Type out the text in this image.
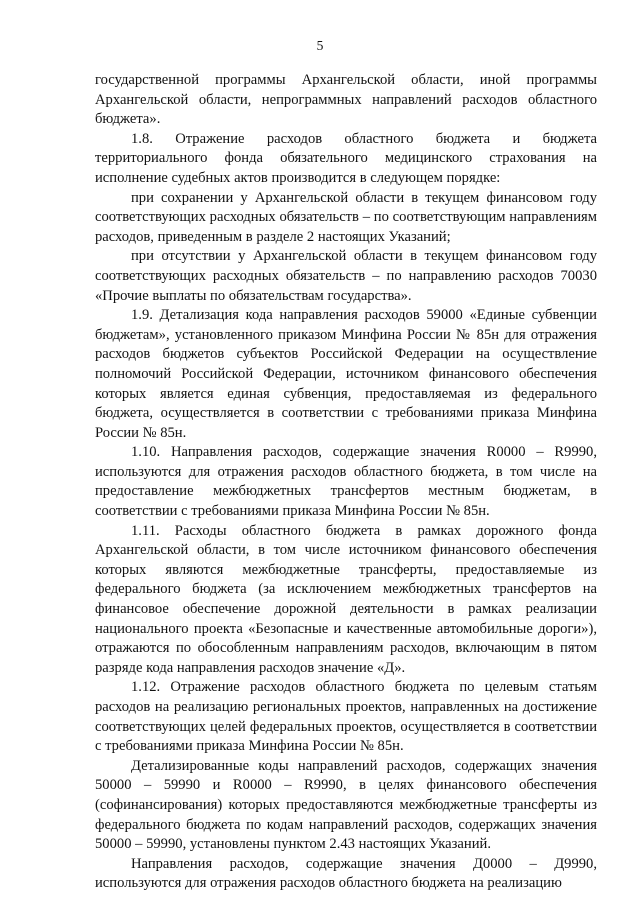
5

государственной программы Архангельской области, иной программы Архангельской области, непрограммных направлений расходов областного бюджета».

1.8. Отражение расходов областного бюджета и бюджета территориального фонда обязательного медицинского страхования на исполнение судебных актов производится в следующем порядке:

при сохранении у Архангельской области в текущем финансовом году соответствующих расходных обязательств – по соответствующим направлениям расходов, приведенным в разделе 2 настоящих Указаний;

при отсутствии у Архангельской области в текущем финансовом году соответствующих расходных обязательств – по направлению расходов 70030 «Прочие выплаты по обязательствам государства».

1.9. Детализация кода направления расходов 59000 «Единые субвенции бюджетам», установленного приказом Минфина России № 85н для отражения расходов бюджетов субъектов Российской Федерации на осуществление полномочий Российской Федерации, источником финансового обеспечения которых является единая субвенция, предоставляемая из федерального бюджета, осуществляется в соответствии с требованиями приказа Минфина России № 85н.

1.10. Направления расходов, содержащие значения R0000 – R9990, используются для отражения расходов областного бюджета, в том числе на предоставление межбюджетных трансфертов местным бюджетам, в соответствии с требованиями приказа Минфина России № 85н.

1.11. Расходы областного бюджета в рамках дорожного фонда Архангельской области, в том числе источником финансового обеспечения которых являются межбюджетные трансферты, предоставляемые из федерального бюджета (за исключением межбюджетных трансфертов на финансовое обеспечение дорожной деятельности в рамках реализации национального проекта «Безопасные и качественные автомобильные дороги»), отражаются по обособленным направлениям расходов, включающим в пятом разряде кода направления расходов значение «Д».

1.12. Отражение расходов областного бюджета по целевым статьям расходов на реализацию региональных проектов, направленных на достижение соответствующих целей федеральных проектов, осуществляется в соответствии с требованиями приказа Минфина России № 85н.

Детализированные коды направлений расходов, содержащих значения 50000 – 59990 и R0000 – R9990, в целях финансового обеспечения (софинансирования) которых предоставляются межбюджетные трансферты из федерального бюджета по кодам направлений расходов, содержащих значения 50000 – 59990, установлены пунктом 2.43 настоящих Указаний.

Направления расходов, содержащие значения Д0000 – Д9990, используются для отражения расходов областного бюджета на реализацию
